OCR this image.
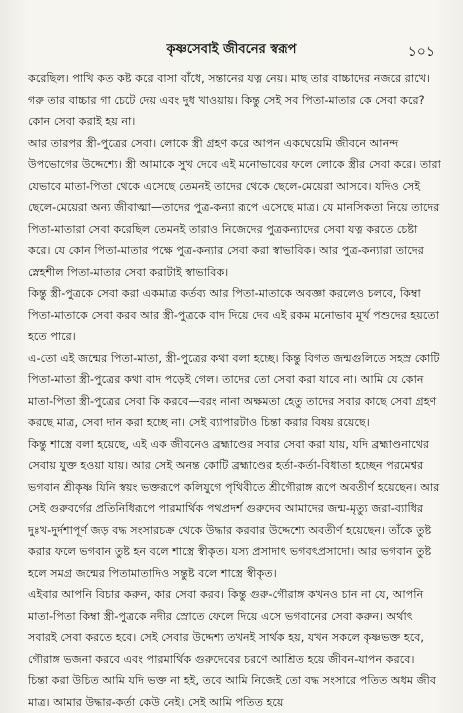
কৃষ্ণসেবাই জীবনের স্বরূপ	১০১

করেছিল। পাখি কত কষ্ট করে বাসা বাঁধে, সন্তানের যত্ন নেয়। মাছ তার বাচ্চাদের নজরে রাখে। গরু তার বাচ্চার গা চেটে দেয় এবং দুধ খাওয়ায়। কিন্তু সেই সব পিতা-মাতার কে সেবা করে? কোন সেবা করাই হয় না।

আর তারপর স্ত্রী-পুত্রের সেবা। লোকে স্ত্রী গ্রহণ করে আপন একঘেয়েমি জীবনে আনন্দ উপভোগের উদ্দেশ্যে। স্ত্রী আমাকে সুখ দেবে এই মনোভাবের ফলে লোকে স্ত্রীর সেবা করে। তারা যেভাবে মাতা-পিতা থেকে এসেছে তেমনই তাদের থেকে ছেলে-মেয়েরা আসবে। যদিও সেই ছেলে-মেয়েরা অন্য জীবাত্মা—তাদের পুত্র-কন্যা রূপে এসেছে মাত্র। যে মানসিকতা নিয়ে তাদের পিতা-মাতারা সেবা করেছিল তেমনই তারাও নিজেদের পুত্রকন্যাদের সেবা যত্ন করতে চেষ্টা করে। যে কোন পিতা-মাতার পক্ষে পুত্র-কন্যার সেবা করা স্বাভাবিক। আর পুত্র-কন্যারা তাদের স্নেহশীল পিতা-মাতার সেবা করাটাই স্বাভাবিক।

কিন্তু স্ত্রী-পুত্রকে সেবা করা একমাত্র কর্তব্য আর পিতা-মাতাকে অবজ্ঞা করলেও চলবে, কিম্বা পিতা-মাতাকে সেবা করব আর স্ত্রী-পুত্রকে বাদ দিয়ে দেব এই রকম মনোভাব মূর্খ পশুদের হয়তো হতে পারে।

এ-তো এই জন্মের পিতা-মাতা, স্ত্রী-পুত্রের কথা বলা হচ্ছে। কিন্তু বিগত জন্মগুলিতে সহস্র কোটি পিতা-মাতা স্ত্রী-পুত্রের কথা বাদ পড়েই গেল। তাদের তো সেবা করা যাবে না। আমি যে কোন মাতা-পিতা স্ত্রী-পুত্রের সেবা কি করবে—বরং নানা অক্ষমতা হেতু তাদের সবার কাছে সেবা গ্রহণ করছে মাত্র, সেবা দান করা হচ্ছে না। সেই ব্যাপারটাও চিন্তা করার বিষয় রয়েছে।

কিন্তু শাস্ত্রে বলা হয়েছে, এই এক জীবনেও ব্রহ্মাণ্ডের সবার সেবা করা যায়, যদি ব্রহ্মাণ্ডনাথের সেবায় যুক্ত হওয়া যায়। আর সেই অনন্ত কোটি ব্রহ্মাণ্ডের হর্তা-কর্তা-বিধাতা হচ্ছেন পরমেশ্বর ভগবান শ্রীকৃষ্ণ যিনি স্বয়ং ভক্তরূপে কলিযুগে পৃথিবীতে শ্রীগৌরাঙ্গ রূপে অবতীর্ণ হয়েছেন। আর সেই গুরুবর্গের প্রতিনিধিরূপে পারমার্থিক পথপ্রদর্শ গুরুদেব আমাদের জন্ম-মৃত্যু জরা-ব্যাধির দুঃখ-দুর্দশাপূর্ণ জড় বদ্ধ সংসারচক্র থেকে উদ্ধার করবার উদ্দেশ্যে অবতীর্ণ হয়েছেন। তাঁকে তুষ্ট করার ফলে ভগবান তুষ্ট হন বলে শাস্ত্রে স্বীকৃত। যস্য প্রসাদাৎ ভগবৎপ্রসাদো। আর ভগবান তুষ্ট হলে সমগ্র জন্মের পিতামাতাদিও সন্তুষ্ট বলে শাস্ত্রে স্বীকৃত।

এইবার আপনি বিচার করুন, কার সেবা করব। কিন্তু গুরু-গৌরাঙ্গ কখনও চান না যে, আপনি মাতা-পিতা কিম্বা স্ত্রী-পুত্রকে নদীর স্রোতে ফেলে দিয়ে এসে ভগবানের সেবা করুন। অর্থাৎ সবারই সেবা করতে হবে। সেই সেবার উদ্দেশ্য তখনই সার্থক হয়, যখন সকলে কৃষ্ণভক্ত হবে, গৌরাঙ্গ ভজনা করবে এবং পারমার্থিক গুরুদেবের চরণে আশ্রিত হয়ে জীবন-যাপন করবে।

চিন্তা করা উচিত আমি যদি ভক্ত না হই, তবে আমি নিজেই তো বদ্ধ সংসারে পতিত অধম জীব মাত্র। আমার উদ্ধার-কর্তা কেউ নেই। সেই আমি পতিত হয়ে
